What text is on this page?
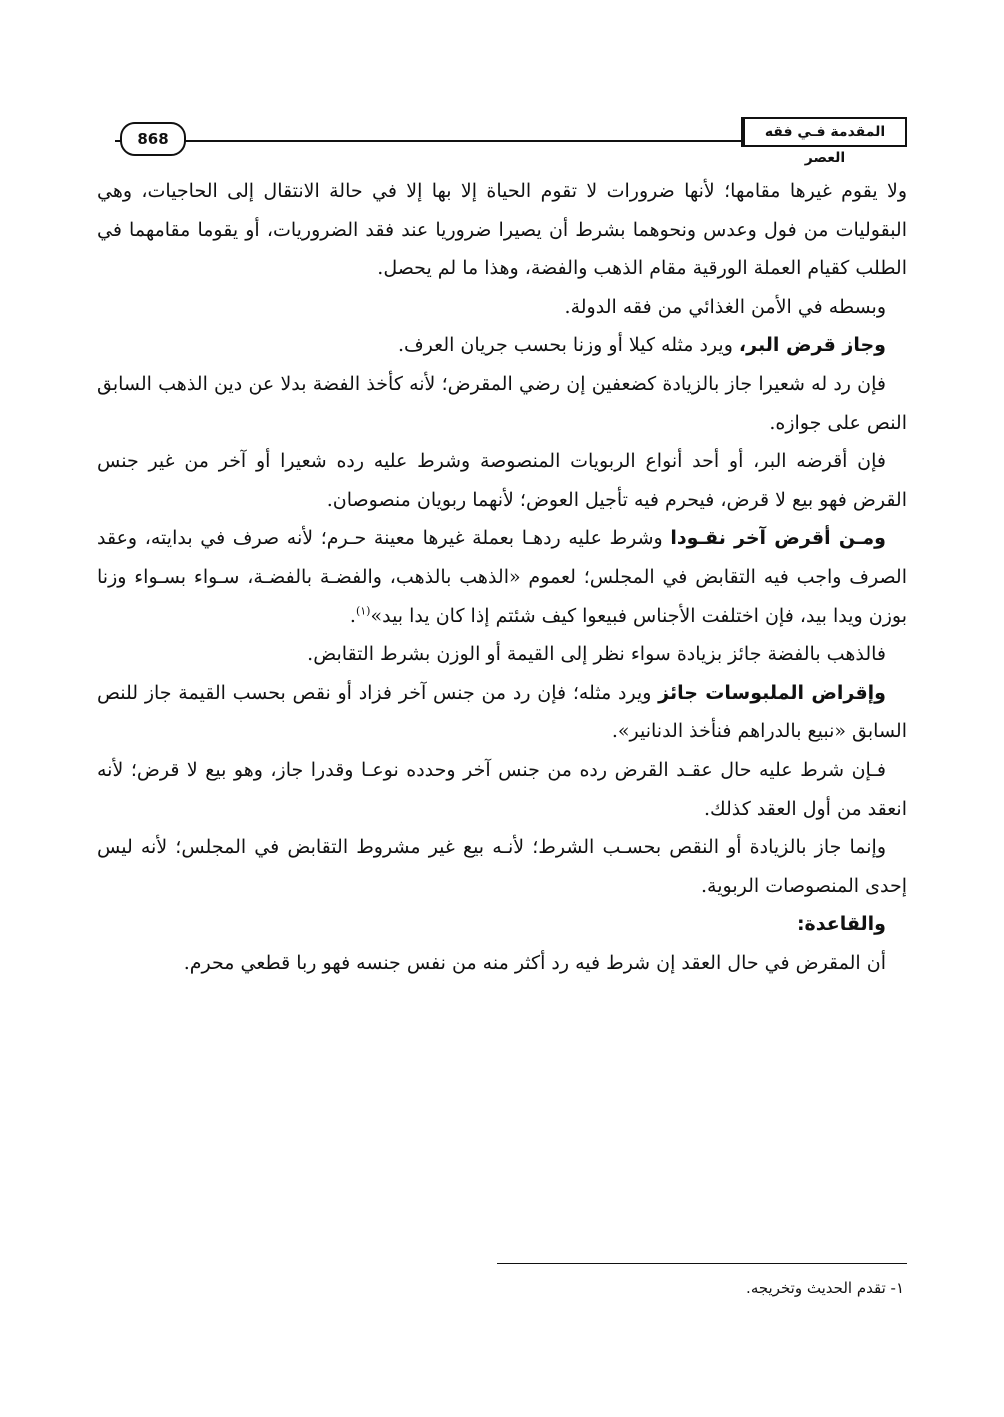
المقدمة فـي فقه العصر
868

ولا يقوم غيرها مقامها؛ لأنها ضرورات لا تقوم الحياة إلا بها إلا في حالة الانتقال إلى الحاجيات، وهي البقوليات من فول وعدس ونحوهما بشرط أن يصيرا ضروريا عند فقد الضروريات، أو يقوما مقامهما في الطلب كقيام العملة الورقية مقام الذهب والفضة، وهذا ما لم يحصل.

وبسطه في الأمن الغذائي من فقه الدولة.

وجاز قرض البر، ويرد مثله كيلا أو وزنا بحسب جريان العرف.

فإن رد له شعيرا جاز بالزيادة كضعفين إن رضي المقرض؛ لأنه كأخذ الفضة بدلا عن دين الذهب السابق النص على جوازه.

فإن أقرضه البر، أو أحد أنواع الربويات المنصوصة وشرط عليه رده شعيرا أو آخر من غير جنس القرض فهو بيع لا قرض، فيحرم فيه تأجيل العوض؛ لأنهما ربويان منصوصان.

ومـن أقرض آخر نقـودا وشرط عليه ردهـا بعملة غيرها معينة حـرم؛ لأنه صرف في بدايته، وعقد الصرف واجب فيه التقابض في المجلس؛ لعموم «الذهب بالذهب، والفضـة بالفضـة، سـواء بسـواء وزنا بوزن ويدا بيد، فإن اختلفت الأجناس فبيعوا كيف شئتم إذا كان يدا بيد»$^{(١)}$.

فالذهب بالفضة جائز بزيادة سواء نظر إلى القيمة أو الوزن بشرط التقابض.

وإقراض الملبوسات جائز ويرد مثله؛ فإن رد من جنس آخر فزاد أو نقص بحسب القيمة جاز للنص السابق «نبيع بالدراهم فنأخذ الدنانير».

فـإن شرط عليه حال عقـد القرض رده من جنس آخر وحدده نوعـا وقدرا جاز، وهو بيع لا قرض؛ لأنه انعقد من أول العقد كذلك.

وإنما جاز بالزيادة أو النقص بحسـب الشرط؛ لأنـه بيع غير مشروط التقابض في المجلس؛ لأنه ليس إحدى المنصوصات الربوية.

والقاعدة:

أن المقرض في حال العقد إن شرط فيه رد أكثر منه من نفس جنسه فهو ربا قطعي محرم.

١- تقدم الحديث وتخريجه.
